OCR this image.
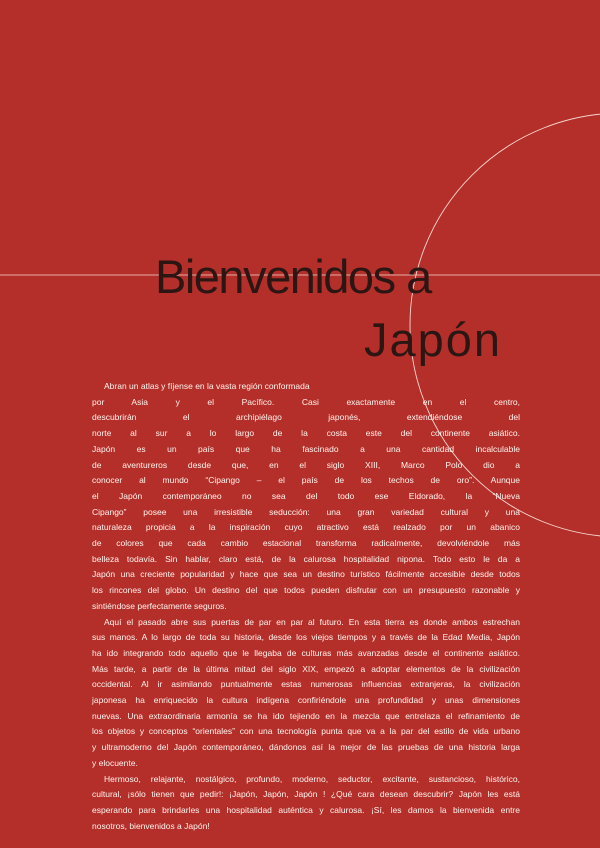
Bienvenidos a
Japón
Abran un atlas y fíjense en la vasta región conformada
por Asia y el Pacífico. Casi exactamente en el centro,
descubrirán el archipiélago japonés, extendiéndose del
norte al sur a lo largo de la costa este del continente asiático.
Japón es un país que ha fascinado a una cantidad incalculable
de aventureros desde que, en el siglo XIII, Marco Polo dio a
conocer al mundo “Cipango – el país de los techos de oro”. Aunque
el Japón contemporáneo no sea del todo ese Eldorado, la “Nueva
Cipango” posee una irresistible seducción: una gran variedad cultural y una
naturaleza propicia a la inspiración cuyo atractivo está realzado por un abanico
de colores que cada cambio estacional transforma radicalmente, devolviéndole más
belleza todavía. Sin hablar, claro está, de la calurosa hospitalidad nipona. Todo esto le da a
Japón una creciente popularidad y hace que sea un destino turístico fácilmente accesible desde todos
los rincones del globo. Un destino del que todos pueden disfrutar con un presupuesto razonable y
sintiéndose perfectamente seguros.
Aquí el pasado abre sus puertas de par en par al futuro. En esta tierra es donde ambos estrechan
sus manos. A lo largo de toda su historia, desde los viejos tiempos y a través de la Edad Media, Japón
ha ido integrando todo aquello que le llegaba de culturas más avanzadas desde el continente asiático.
Más tarde, a partir de la última mitad del siglo XIX, empezó a adoptar elementos de la civilización
occidental. Al ir asimilando puntualmente estas numerosas influencias extranjeras, la civilización
japonesa ha enriquecido la cultura indígena confiriéndole una profundidad y unas dimensiones
nuevas. Una extraordinaria armonía se ha ido tejiendo en la mezcla que entrelaza el refinamiento de
los objetos y conceptos “orientales” con una tecnología punta que va a la par del estilo de vida urbano
y ultramoderno del Japón contemporáneo, dándonos así la mejor de las pruebas de una historia larga
y elocuente.
Hermoso, relajante, nostálgico, profundo, moderno, seductor, excitante, sustancioso, histórico,
cultural, ¡sólo tienen que pedir!: ¡Japón, Japón, Japón ! ¿Qué cara desean descubrir? Japón les está
esperando para brindarles una hospitalidad auténtica y calurosa. ¡Sí, les damos la bienvenida entre
nosotros, bienvenidos a Japón!
